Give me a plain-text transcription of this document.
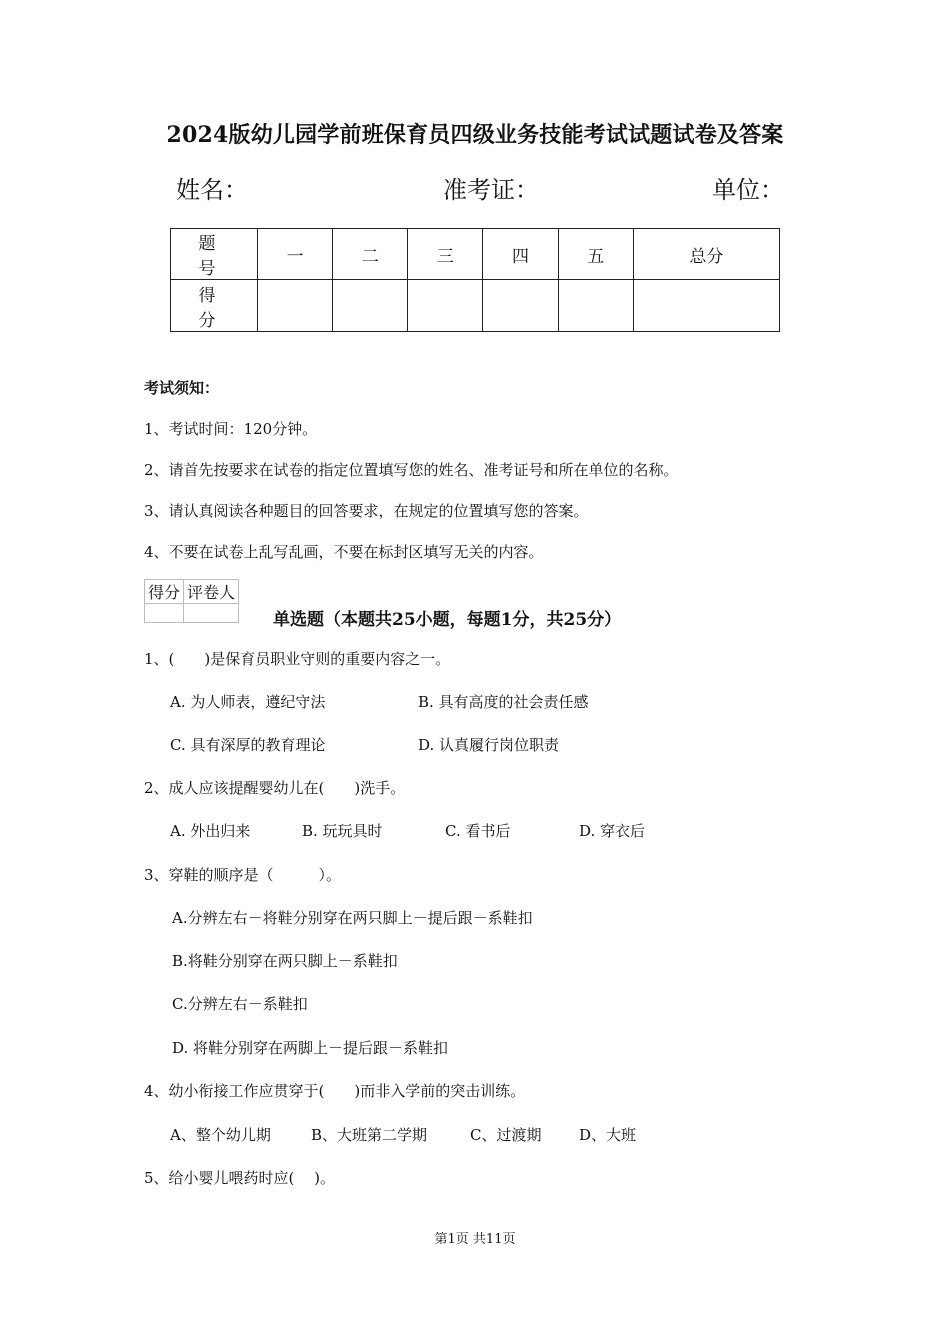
2024版幼儿园学前班保育员四级业务技能考试试题试卷及答案
姓名：	准考证：	单位：
题　号	一	二	三	四	五	总分
得　分						
考试须知：
1、考试时间：120分钟。
2、请首先按要求在试卷的指定位置填写您的姓名、准考证号和所在单位的名称。
3、请认真阅读各种题目的回答要求，在规定的位置填写您的答案。
4、不要在试卷上乱写乱画，不要在标封区填写无关的内容。
得分	评卷人

单选题（本题共25小题，每题1分，共25分）
1、(　　)是保育员职业守则的重要内容之一。
A. 为人师表，遵纪守法	B. 具有高度的社会责任感
C. 具有深厚的教育理论	D. 认真履行岗位职责
2、成人应该提醒婴幼儿在(　　)洗手。
A. 外出归来	B. 玩玩具时	C. 看书后	D. 穿衣后
3、穿鞋的顺序是（　　　）。
A.分辨左右－将鞋分别穿在两只脚上－提后跟－系鞋扣
B.将鞋分别穿在两只脚上－系鞋扣
C.分辨左右－系鞋扣
D. 将鞋分别穿在两脚上－提后跟－系鞋扣
4、幼小衔接工作应贯穿于(　　)而非入学前的突击训练。
A、整个幼儿期	B、大班第二学期	C、过渡期	D、大班
5、给小婴儿喂药时应(　 )。
第1页 共11页
